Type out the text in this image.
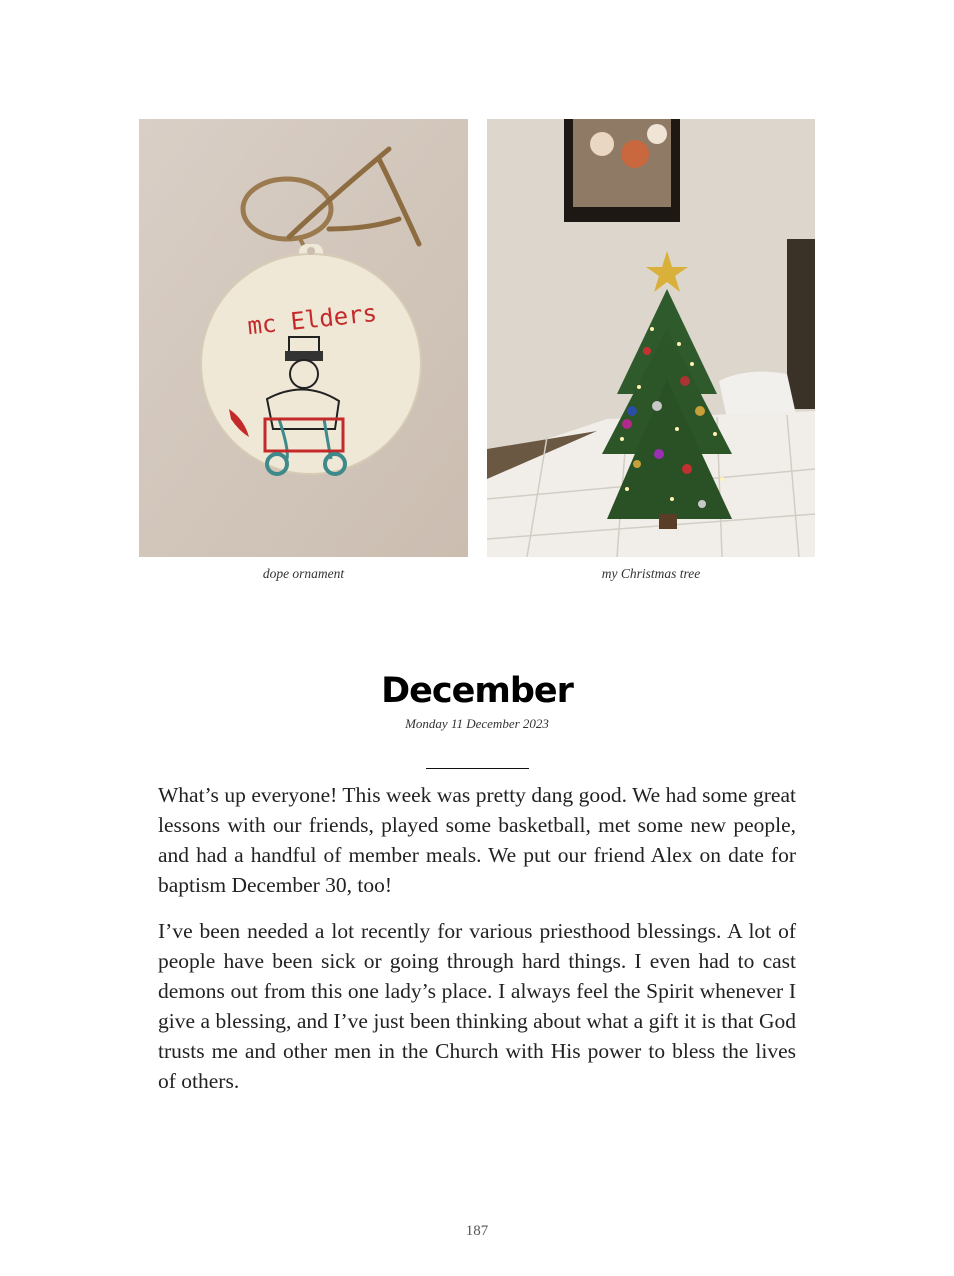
mc Elders
dope ornament	my Christmas tree
December
Monday 11 December 2023

What’s up everyone! This week was pretty dang good. We had some great lessons with our friends, played some basketball, met some new people, and had a handful of member meals. We put our friend Alex on date for baptism December 30, too!

I’ve been needed a lot recently for various priesthood blessings. A lot of people have been sick or going through hard things. I even had to cast demons out from this one lady’s place. I always feel the Spirit whenever I give a blessing, and I’ve just been thinking about what a gift it is that God trusts me and other men in the Church with His power to bless the lives of others.

187
